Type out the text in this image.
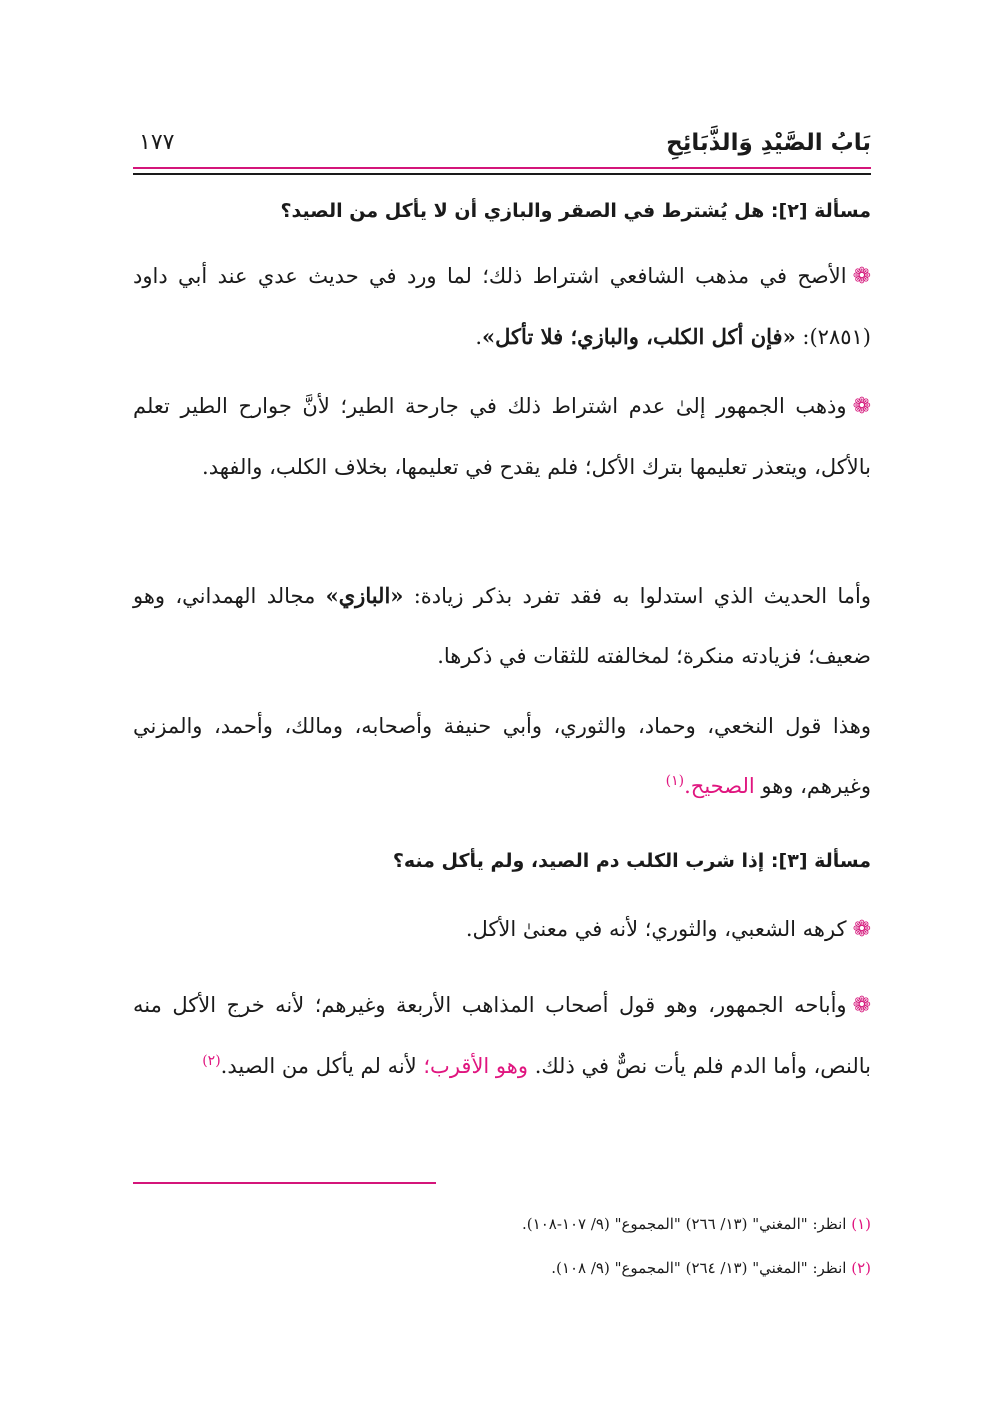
بَابُ الصَّيْدِ وَالذَّبَائِحِ
١٧٧
مسألة [٢]: هل يُشترط في الصقر والبازي أن لا يأكل من الصيد؟
❁الأصح في مذهب الشافعي اشتراط ذلك؛ لما ورد في حديث عدي عند أبي داود (٢٨٥١): «فإن أكل الكلب، والبازي؛ فلا تأكل».
❁وذهب الجمهور إلىٰ عدم اشتراط ذلك في جارحة الطير؛ لأنَّ جوارح الطير تعلم بالأكل، ويتعذر تعليمها بترك الأكل؛ فلم يقدح في تعليمها، بخلاف الكلب، والفهد.
وأما الحديث الذي استدلوا به فقد تفرد بذكر زيادة: «البازي» مجالد الهمداني، وهو ضعيف؛ فزيادته منكرة؛ لمخالفته للثقات في ذكرها.
وهذا قول النخعي، وحماد، والثوري، وأبي حنيفة وأصحابه، ومالك، وأحمد، والمزني وغيرهم، وهو الصحيح.$^{(١)}$
مسألة [٣]: إذا شرب الكلب دم الصيد، ولم يأكل منه؟
❁كرهه الشعبي، والثوري؛ لأنه في معنىٰ الأكل.
❁وأباحه الجمهور، وهو قول أصحاب المذاهب الأربعة وغيرهم؛ لأنه خرج الأكل منه بالنص، وأما الدم فلم يأت نصٌّ في ذلك. وهو الأقرب؛ لأنه لم يأكل من الصيد.$^{(٢)}$
(١) انظر: "المغني" (١٣/ ٢٦٦) "المجموع" (٩/ ١٠٧-١٠٨).
(٢) انظر: "المغني" (١٣/ ٢٦٤) "المجموع" (٩/ ١٠٨).
